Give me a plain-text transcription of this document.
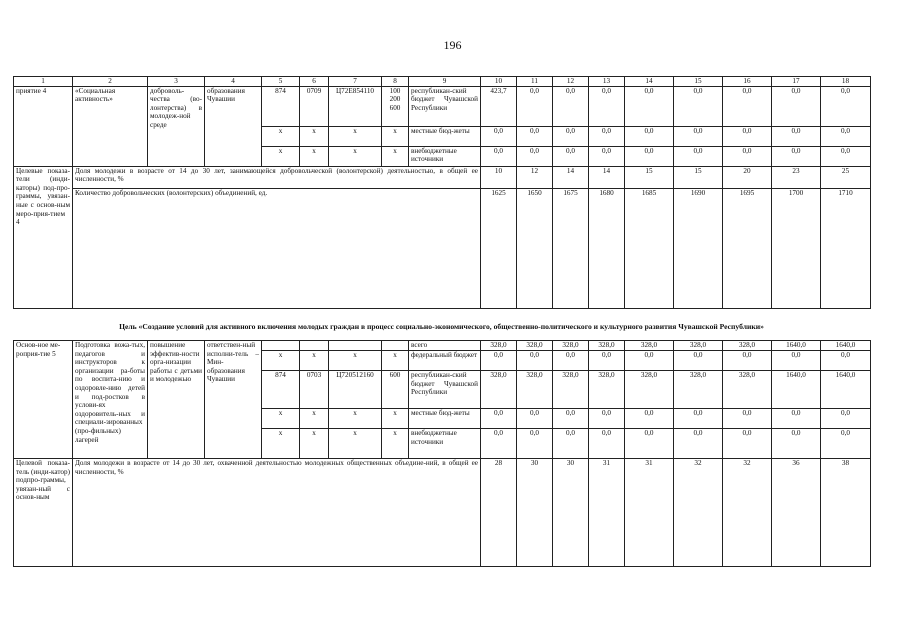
196
1	2	3	4	5	6	7	8	9	10	11	12	13	14	15	16	17	18
приятие 4	«Социальная активность»	доброволь-чества (во-лонтерства) в молодеж-ной среде	образования Чувашии	874	0709	Ц72Е854110	100 200 600	республикан-ский бюджет Чувашской Республики	423,7	0,0	0,0	0,0	0,0	0,0	0,0	0,0	0,0
				x	x	x	x	местные бюд-жеты	0,0	0,0	0,0	0,0	0,0	0,0	0,0	0,0	0,0
				x	x	x	x	внебюджетные источники	0,0	0,0	0,0	0,0	0,0	0,0	0,0	0,0	0,0
Целевые показа-тели (инди-каторы) под-про-граммы, увязан-ные с основ-ным меро-прия-тием 4	Доля молодежи в возрасте от 14 до 30 лет, занимающейся добровольческой (волонтерской) деятельностью, в общей ее численности, %								10	12	14	14	15	15	20	23	25
	Количество добровольческих (волонтерских) объединений, ед.								1625	1650	1675	1680	1685	1690	1695	1700	1710
Цель «Создание условий для активного включения молодых граждан в процесс социально-экономического, общественно-политического и культурного развития Чувашской Республики»
Основ-ное ме-роприя-тие 5	Подготовка вожа-тых, педагогов и инструкторов к организации ра-боты по воспита-нию и оздоровле-нию детей и под-ростков в услови-ях оздоровитель-ных и специали-зированных (про-фильных) лагерей	повышение эффектив-ности орга-низации работы с детьми и молодежью	ответствен-ный исполни-тель – Мин-образования Чувашии					всего	328,0	328,0	328,0	328,0	328,0	328,0	328,0	1640,0	1640,0
				x	x	x	x	федеральный бюджет	0,0	0,0	0,0	0,0	0,0	0,0	0,0	0,0	0,0
				874	0703	Ц720512160	600	республикан-ский бюджет Чувашской Республики	328,0	328,0	328,0	328,0	328,0	328,0	328,0	1640,0	1640,0
				x	x	x	x	местные бюд-жеты	0,0	0,0	0,0	0,0	0,0	0,0	0,0	0,0	0,0
				x	x	x	x	внебюджетные источники	0,0	0,0	0,0	0,0	0,0	0,0	0,0	0,0	0,0
Целевой показа-тель (инди-катор) подпро-граммы, увязан-ный с основ-ным	Доля молодежи в возрасте от 14 до 30 лет, охваченной деятельностью молодежных общественных объедине-ний, в общей ее численности, %								28	30	30	31	31	32	32	36	38
